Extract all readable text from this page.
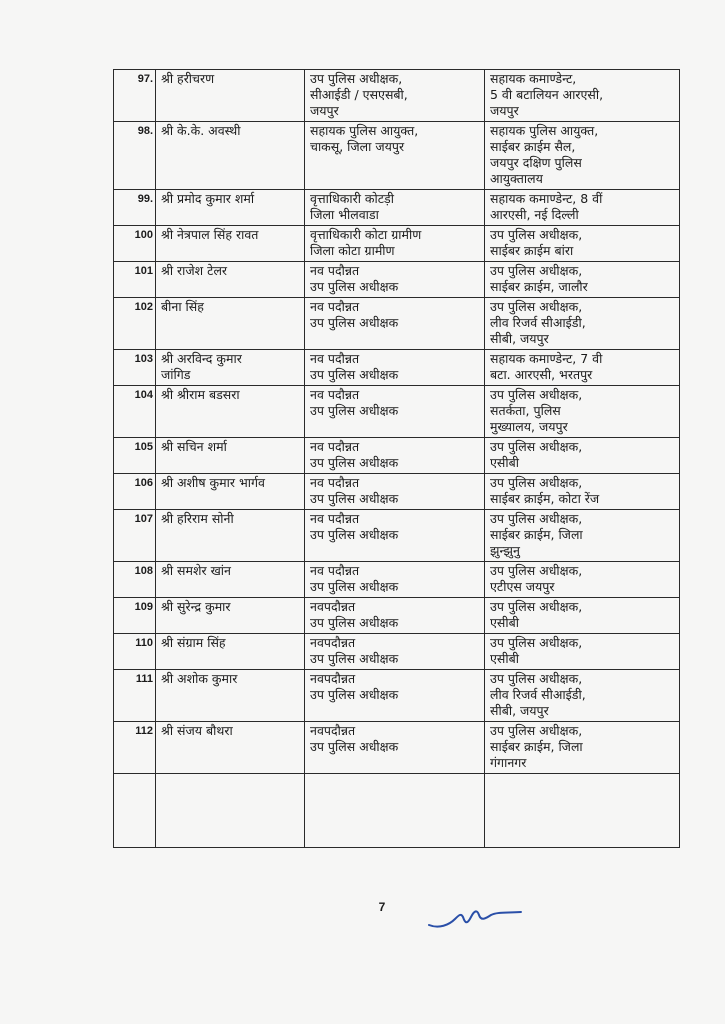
97.	श्री हरीचरण	उप पुलिस अधीक्षक,
सीआईडी / एसएसबी,
जयपुर	सहायक कमाण्डेन्ट,
5 वी बटालियन आरएसी,
जयपुर
98.	श्री के.के. अवस्थी	सहायक पुलिस आयुक्त,
चाकसू, जिला जयपुर	सहायक पुलिस आयुक्त,
साईबर क्राईम सैल,
जयपुर दक्षिण पुलिस
आयुक्तालय
99.	श्री प्रमोद कुमार शर्मा	वृत्ताधिकारी कोटड़ी
जिला भीलवाडा	सहायक कमाण्डेन्ट, 8 वीं
आरएसी, नई दिल्ली
100	श्री नेत्रपाल सिंह रावत	वृत्ताधिकारी कोटा ग्रामीण
जिला कोटा ग्रामीण	उप पुलिस अधीक्षक,
साईबर क्राईम बांरा
101	श्री राजेश टेलर	नव पदौन्नत
उप पुलिस अधीक्षक	उप पुलिस अधीक्षक,
साईबर क्राईम, जालौर
102	बीना सिंह	नव पदौन्नत
उप पुलिस अधीक्षक	उप पुलिस अधीक्षक,
लीव रिजर्व सीआईडी,
सीबी, जयपुर
103	श्री अरविन्द कुमार
जांगिड	नव पदौन्नत
उप पुलिस अधीक्षक	सहायक कमाण्डेन्ट, 7 वी
बटा. आरएसी, भरतपुर
104	श्री श्रीराम बडसरा	नव पदौन्नत
उप पुलिस अधीक्षक	उप पुलिस अधीक्षक,
सतर्कता, पुलिस
मुख्यालय, जयपुर
105	श्री सचिन शर्मा	नव पदौन्नत
उप पुलिस अधीक्षक	उप पुलिस अधीक्षक,
एसीबी
106	श्री अशीष कुमार भार्गव	नव पदौन्नत
उप पुलिस अधीक्षक	उप पुलिस अधीक्षक,
साईबर क्राईम, कोटा रेंज
107	श्री हरिराम सोनी	नव पदौन्नत
उप पुलिस अधीक्षक	उप पुलिस अधीक्षक,
साईबर क्राईम, जिला
झुन्झुनु
108	श्री समशेर खांन	नव पदौन्नत
उप पुलिस अधीक्षक	उप पुलिस अधीक्षक,
एटीएस जयपुर
109	श्री सुरेन्द्र कुमार	नवपदौन्नत
उप पुलिस अधीक्षक	उप पुलिस अधीक्षक,
एसीबी
110	श्री संग्राम सिंह	नवपदौन्नत
उप पुलिस अधीक्षक	उप पुलिस अधीक्षक,
एसीबी
111	श्री अशोक कुमार	नवपदौन्नत
उप पुलिस अधीक्षक	उप पुलिस अधीक्षक,
लीव रिजर्व सीआईडी,
सीबी, जयपुर
112	श्री संजय बौथरा	नवपदौन्नत
उप पुलिस अधीक्षक	उप पुलिस अधीक्षक,
साईबर क्राईम, जिला
गंगानगर

7
